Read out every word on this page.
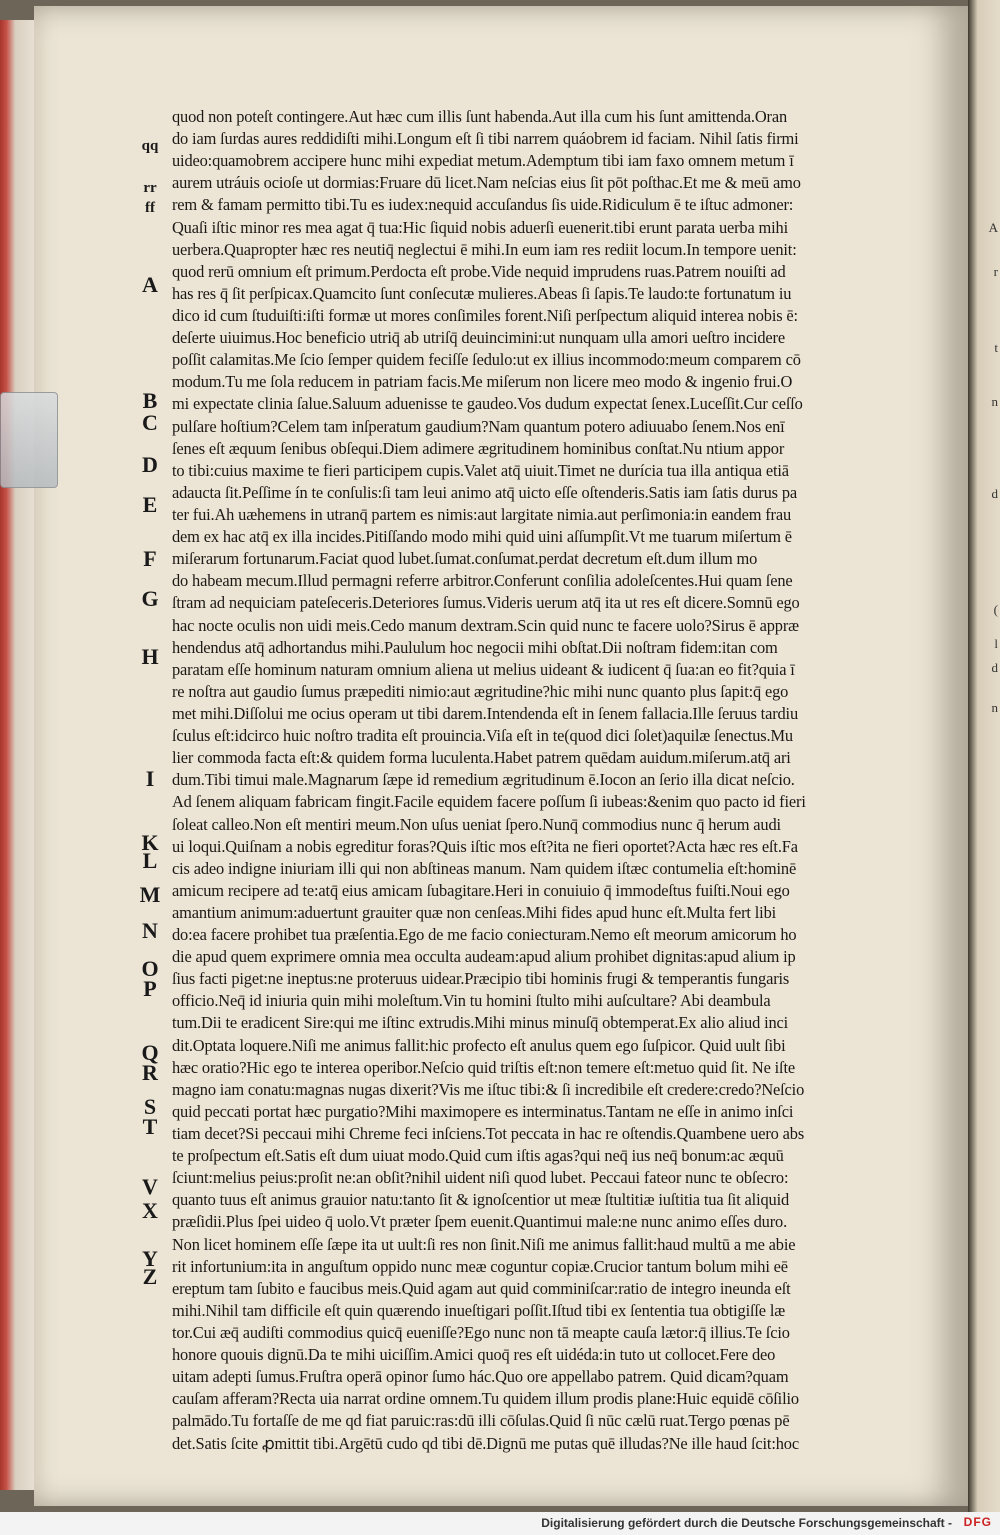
A
r
t
n
d
(
l
d
n
qq
rr
ff
A
B
C
D
E
F
G
H
I
K
L
M
N
O
P
Q
R
S
T
V
X
Y
Z
quod non poteſt contingere.Aut hæc cum illis ſunt habenda.Aut illa cum his ſunt amittenda.Oran
do iam ſurdas aures reddidiſti mihi.Longum eſt ſi tibi narrem quáobrem id faciam. Nihil ſatis firmi
uideo:quamobrem accipere hunc mihi expediat metum.Ademptum tibi iam faxo omnem metum ī
aurem utráuis ocioſe ut dormias:Fruare dū licet.Nam neſcias eius ſit pōt poſthac.Et me & meū amo
rem & famam permitto tibi.Tu es iudex:nequid accuſandus ſis uide.Ridiculum ē te iſtuc admoner:
Quaſi iſtic minor res mea agat q̄ tua:Hic ſiquid nobis aduerſi euenerit.tibi erunt parata uerba mihi
uerbera.Quapropter hæc res neutiq̄ neglectui ē mihi.In eum iam res rediit locum.In tempore uenit:
quod rerū omnium eſt primum.Perdocta eſt probe.Vide nequid imprudens ruas.Patrem nouiſti ad
has res q̄ ſit perſpicax.Quamcito ſunt conſecutæ mulieres.Abeas ſi ſapis.Te laudo:te fortunatum iu
dico id cum ſtuduiſti:iſti formæ ut mores conſimiles forent.Niſi perſpectum aliquid interea nobis ē:
deſerte uiuimus.Hoc beneficio utriq̄ ab utriſq̄ deuincimini:ut nunquam ulla amori ueſtro incidere
poſſit calamitas.Me ſcio ſemper quidem feciſſe ſedulo:ut ex illius incommodo:meum comparem cō
modum.Tu me ſola reducem in patriam facis.Me miſerum non licere meo modo & ingenio frui.O
mi expectate clinia ſalue.Saluum aduenisse te gaudeo.Vos dudum expectat ſenex.Luceſſit.Cur ceſſo
pulſare hoſtium?Celem tam inſperatum gaudium?Nam quantum potero adiuuabo ſenem.Nos enī
ſenes eſt æquum ſenibus obſequi.Diem adimere ægritudinem hominibus conſtat.Nu ntium appor
to tibi:cuius maxime te fieri participem cupis.Valet atq̄ uiuit.Timet ne durícia tua illa antiqua etiā
adaucta ſit.Peſſime ín te conſulis:ſi tam leui animo atq̄ uicto eſſe oſtenderis.Satis iam ſatis durus pa
ter fui.Ah uæhemens in utranq̄ partem es nimis:aut largitate nimia.aut perſimonia:in eandem frau
dem ex hac atq̄ ex illa incides.Pitiſſando modo mihi quid uini aſſumpſit.Vt me tuarum miſertum ē
miſerarum fortunarum.Faciat quod lubet.ſumat.conſumat.perdat decretum eſt.dum illum mo
do habeam mecum.Illud permagni referre arbitror.Conferunt conſilia adoleſcentes.Hui quam ſene
ſtram ad nequiciam pateſeceris.Deteriores ſumus.Videris uerum atq̄ ita ut res eſt dicere.Somnū ego
hac nocte oculis non uidi meis.Cedo manum dextram.Scin quid nunc te facere uolo?Sirus ē appræ
hendendus atq̄ adhortandus mihi.Paululum hoc negocii mihi obſtat.Dii noſtram fidem:itan com
paratam eſſe hominum naturam omnium aliena ut melius uideant & iudicent q̄ ſua:an eo fit?quia ī
re noſtra aut gaudio ſumus præpediti nimio:aut ægritudine?hic mihi nunc quanto plus ſapit:q̄ ego
met mihi.Diſſolui me ocius operam ut tibi darem.Intendenda eſt in ſenem fallacia.Ille ſeruus tardiu
ſculus eſt:idcirco huic noſtro tradita eſt prouincia.Viſa eſt in te(quod dici ſolet)aquilæ ſenectus.Mu
lier commoda facta eſt:& quidem forma luculenta.Habet patrem quēdam auidum.miſerum.atq̄ ari
dum.Tibi timui male.Magnarum ſæpe id remedium ægritudinum ē.Iocon an ſerio illa dicat neſcio.
Ad ſenem aliquam fabricam fingit.Facile equidem facere poſſum ſi iubeas:&enim quo pacto id fieri
ſoleat calleo.Non eſt mentiri meum.Non uſus ueniat ſpero.Nunq̄ commodius nunc q̄ herum audi
ui loqui.Quiſnam a nobis egreditur foras?Quis iſtic mos eſt?ita ne fieri oportet?Acta hæc res eſt.Fa
cis adeo indigne iniuriam illi qui non abſtineas manum. Nam quidem iſtæc contumelia eſt:hominē
amicum recipere ad te:atq̄ eius amicam ſubagitare.Heri in conuiuio q̄ immodeſtus fuiſti.Noui ego
amantium animum:aduertunt grauiter quæ non cenſeas.Mihi fides apud hunc eſt.Multa fert libi
do:ea facere prohibet tua præſentia.Ego de me facio coniecturam.Nemo eſt meorum amicorum ho
die apud quem exprimere omnia mea occulta audeam:apud alium prohibet dignitas:apud alium ip
ſius facti piget:ne ineptus:ne proteruus uidear.Præcipio tibi hominis frugi & temperantis fungaris
officio.Neq̄ id iniuria quin mihi moleſtum.Vin tu homini ſtulto mihi auſcultare? Abi deambula
tum.Dii te eradicent Sire:qui me iſtinc extrudis.Mihi minus minuſq̄ obtemperat.Ex alio aliud inci
dit.Optata loquere.Niſi me animus fallit:hic profecto eſt anulus quem ego ſuſpicor. Quid uult ſibi
hæc oratio?Hic ego te interea operibor.Neſcio quid triſtis eſt:non temere eſt:metuo quid ſit. Ne iſte
magno iam conatu:magnas nugas dixerit?Vis me iſtuc tibi:& ſi incredibile eſt credere:credo?Neſcio
quid peccati portat hæc purgatio?Mihi maximopere es interminatus.Tantam ne eſſe in animo inſci
tiam decet?Si peccaui mihi Chreme feci inſciens.Tot peccata in hac re oſtendis.Quambene uero abs
te proſpectum eſt.Satis eſt dum uiuat modo.Quid cum iſtis agas?qui neq̄ ius neq̄ bonum:ac æquū
ſciunt:melius peius:proſit ne:an obſit?nihil uident niſi quod lubet. Peccaui fateor nunc te obſecro:
quanto tuus eſt animus grauior natu:tanto ſit & ignoſcentior ut meæ ſtultitiæ iuſtitia tua ſit aliquid
præſidii.Plus ſpei uideo q̄ uolo.Vt præter ſpem euenit.Quantimui male:ne nunc animo eſſes duro.
Non licet hominem eſſe ſæpe ita ut uult:ſi res non ſinit.Niſi me animus fallit:haud multū a me abie
rit infortunium:ita in anguſtum oppido nunc meæ coguntur copiæ.Crucior tantum bolum mihi eē
ereptum tam ſubito e faucibus meis.Quid agam aut quid comminiſcar:ratio de integro ineunda eſt
mihi.Nihil tam difficile eſt quin quærendo inueſtigari poſſit.Iſtud tibi ex ſententia tua obtigiſſe læ
tor.Cui æq̄ audiſti commodius quicq̄ eueniſſe?Ego nunc non tā meapte cauſa lætor:q̄ illius.Te ſcio
honore quouis dignū.Da te mihi uiciſſim.Amici quoq̄ res eſt uidéda:in tuto ut collocet.Fere deo
uitam adepti ſumus.Fruſtra operā opinor ſumo hác.Quo ore appellabo patrem. Quid dicam?quam
cauſam afferam?Recta uia narrat ordine omnem.Tu quidem illum prodis plane:Huic equidē cōſilio
palmādo.Tu fortaſſe de me qd fiat paruic:ras:dū illi cōſulas.Quid ſi nūc cælū ruat.Tergo pœnas pē
det.Satis ſcite ꝓmittit tibi.Argētū cudo qd tibi dē.Dignū me putas quē illudas?Ne ille haud ſcit:hoc
Digitalisierung gefördert durch die Deutsche Forschungsgemeinschaft - DFG
